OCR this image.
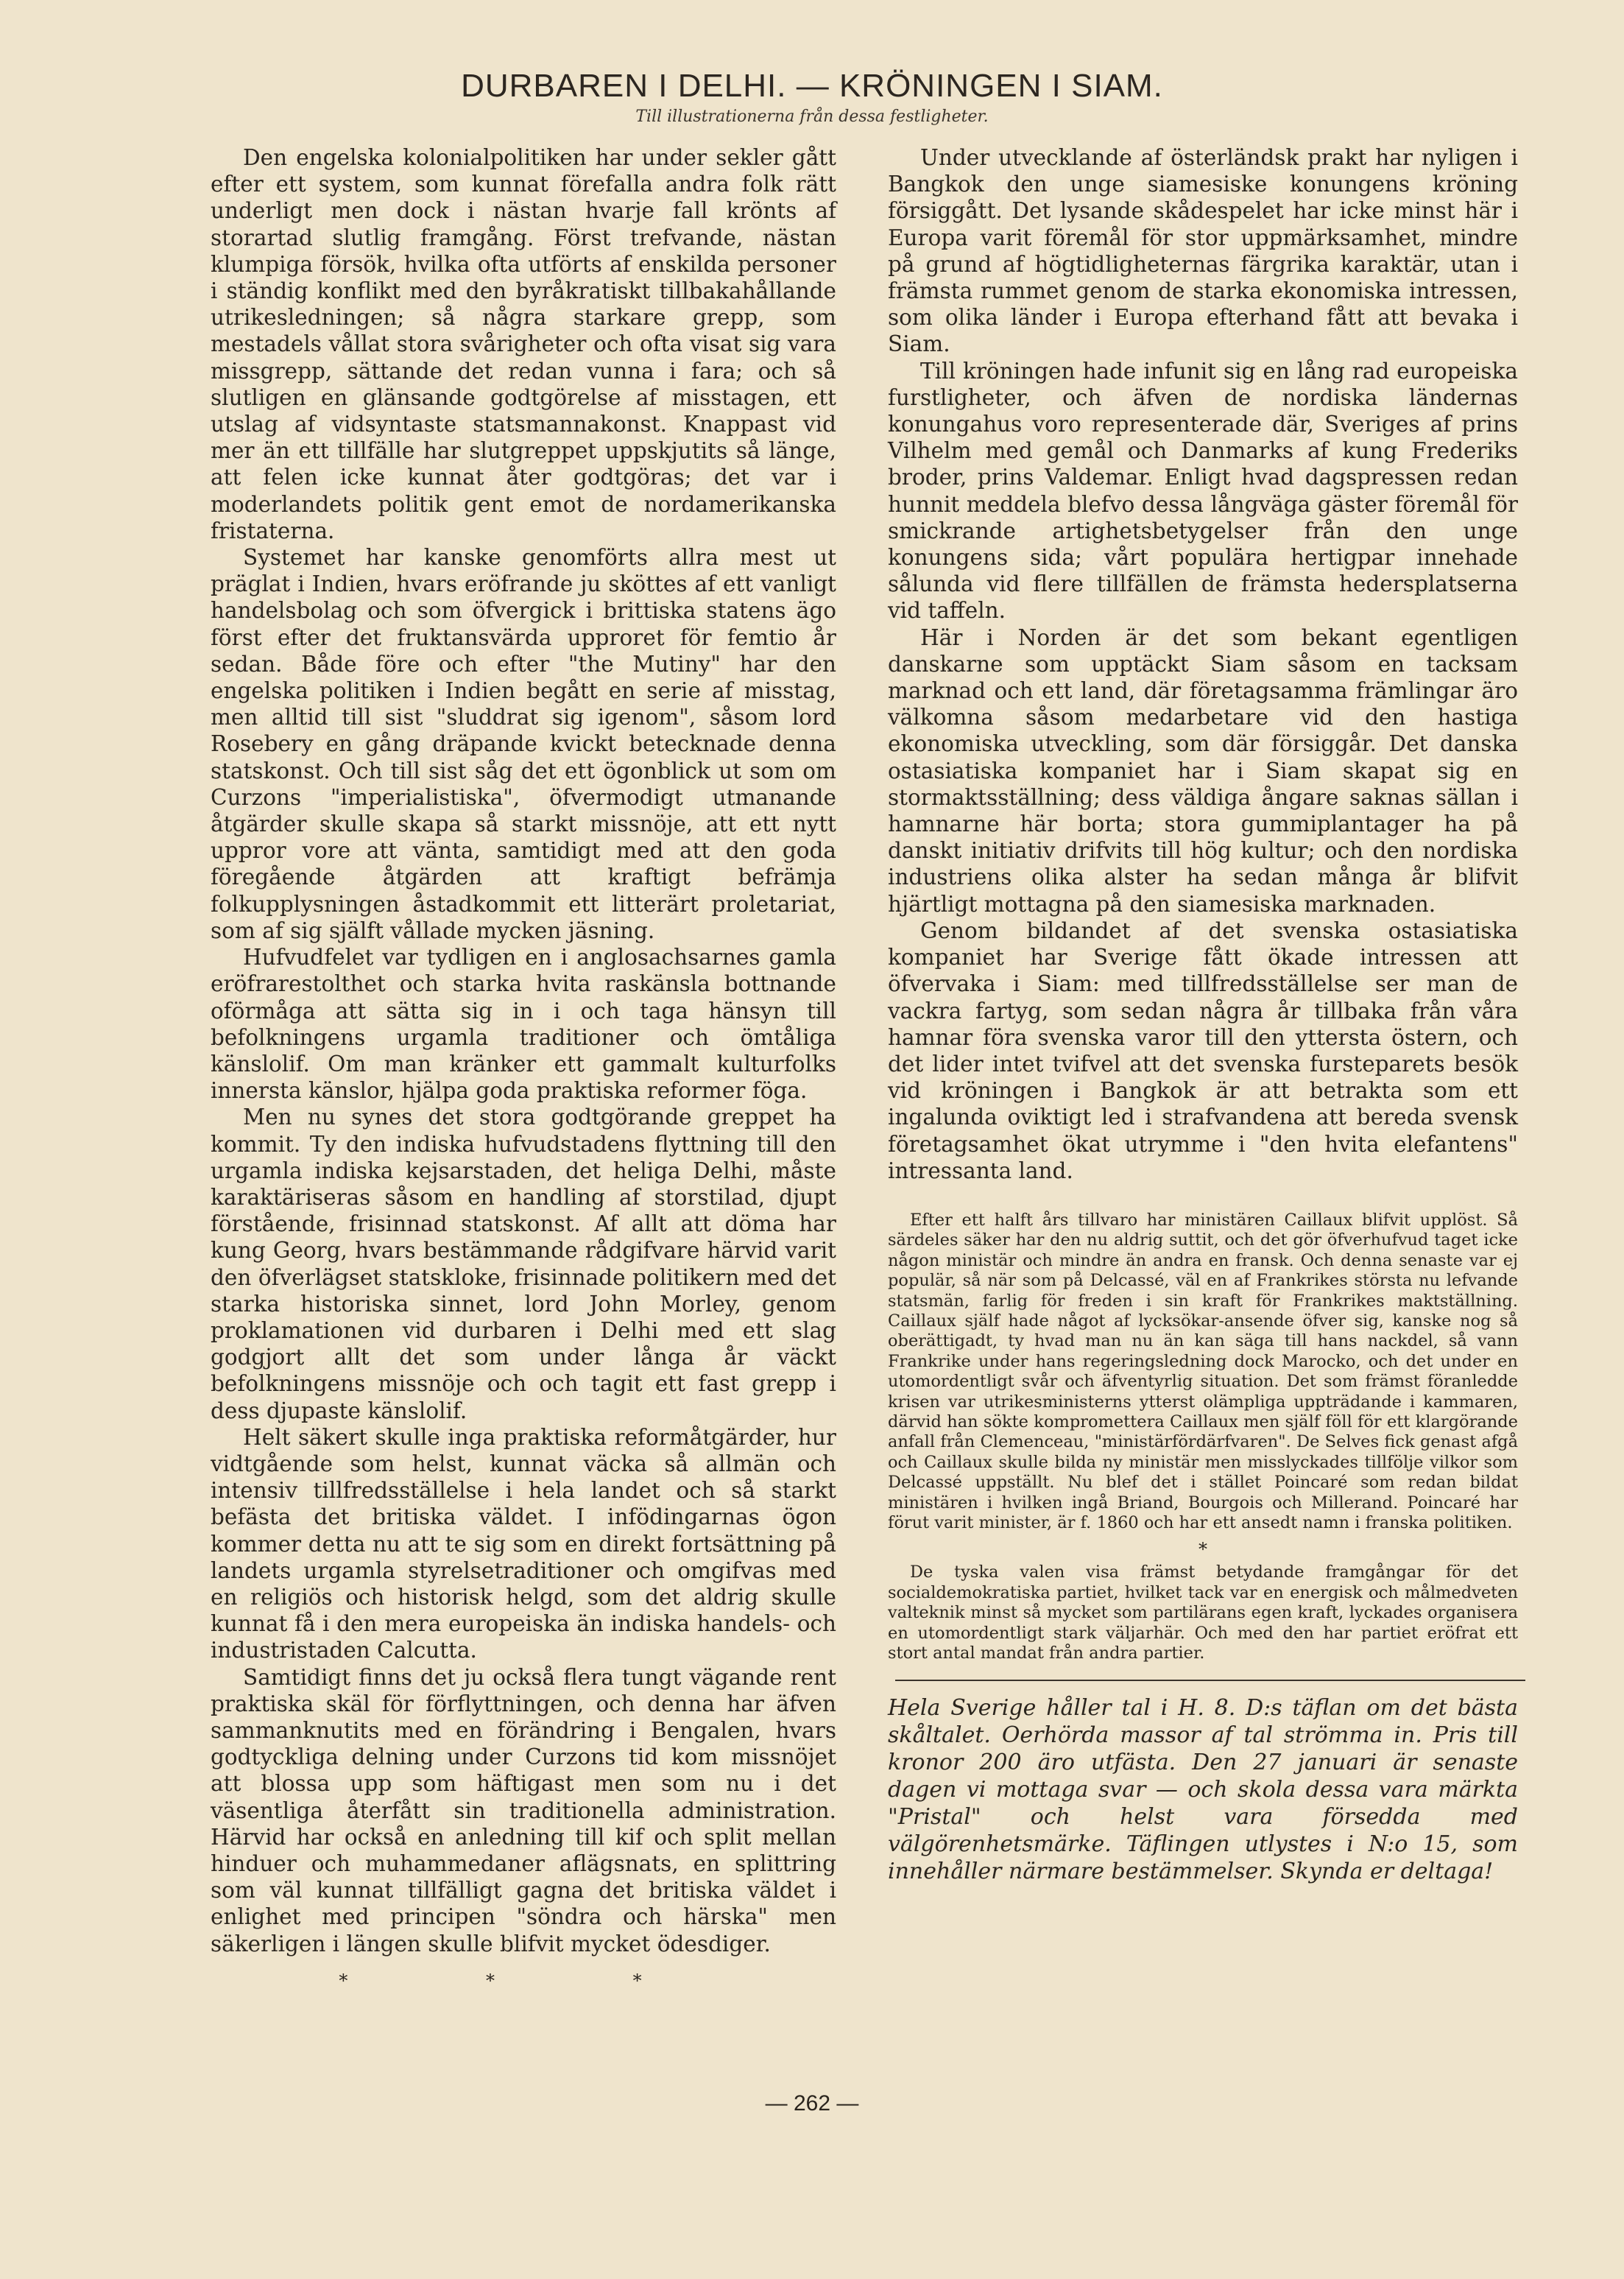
DURBAREN I DELHI. — KRÖNINGEN I SIAM.
Till illustrationerna från dessa festligheter.

Den engelska kolonialpolitiken har under sekler gått efter ett system, som kunnat förefalla andra folk rätt underligt men dock i nästan hvarje fall krönts af storartad slutlig framgång. Först trefvande, nästan klumpiga försök, hvilka ofta utförts af enskilda personer i ständig konflikt med den byråkratiskt tillbakahållande utrikesledningen; så några starkare grepp, som mestadels vållat stora svårigheter och ofta visat sig vara missgrepp, sättande det redan vunna i fara; och så slutligen en glänsande godtgörelse af misstagen, ett utslag af vidsyntaste statsmannakonst. Knappast vid mer än ett tillfälle har slutgreppet uppskjutits så länge, att felen icke kunnat åter godtgöras; det var i moderlandets politik gent emot de nordamerikanska fristaterna.

Systemet har kanske genomförts allra mest ut präglat i Indien, hvars eröfrande ju sköttes af ett vanligt handelsbolag och som öfvergick i brittiska statens ägo först efter det fruktansvärda upproret för femtio år sedan. Både före och efter "the Mutiny" har den engelska politiken i Indien begått en serie af misstag, men alltid till sist "sluddrat sig igenom", såsom lord Rosebery en gång dräpande kvickt betecknade denna statskonst. Och till sist såg det ett ögonblick ut som om Curzons "imperialistiska", öfvermodigt utmanande åtgärder skulle skapa så starkt missnöje, att ett nytt uppror vore att vänta, samtidigt med att den goda föregående åtgärden att kraftigt befrämja folkupplysningen åstadkommit ett litterärt proletariat, som af sig själft vållade mycken jäsning.

Hufvudfelet var tydligen en i anglosachsarnes gamla eröfrarestolthet och starka hvita raskänsla bottnande oförmåga att sätta sig in i och taga hänsyn till befolkningens urgamla traditioner och ömtåliga känslolif. Om man kränker ett gammalt kulturfolks innersta känslor, hjälpa goda praktiska reformer föga.

Men nu synes det stora godtgörande greppet ha kommit. Ty den indiska hufvudstadens flyttning till den urgamla indiska kejsarstaden, det heliga Delhi, måste karaktäriseras såsom en handling af storstilad, djupt förstående, frisinnad statskonst. Af allt att döma har kung Georg, hvars bestämmande rådgifvare härvid varit den öfverlägset statskloke, frisinnade politikern med det starka historiska sinnet, lord John Morley, genom proklamationen vid durbaren i Delhi med ett slag godgjort allt det som under långa år väckt befolkningens missnöje och och tagit ett fast grepp i dess djupaste känslolif.

Helt säkert skulle inga praktiska reformåtgärder, hur vidtgående som helst, kunnat väcka så allmän och intensiv tillfredsställelse i hela landet och så starkt befästa det britiska väldet. I infödingarnas ögon kommer detta nu att te sig som en direkt fortsättning på landets urgamla styrelsetraditioner och omgifvas med en religiös och historisk helgd, som det aldrig skulle kunnat få i den mera europeiska än indiska handels- och industristaden Calcutta.

Samtidigt finns det ju också flera tungt vägande rent praktiska skäl för förflyttningen, och denna har äfven sammanknutits med en förändring i Bengalen, hvars godtyckliga delning under Curzons tid kom missnöjet att blossa upp som häftigast men som nu i det väsentliga återfått sin traditionella administration. Härvid har också en anledning till kif och split mellan hinduer och muhammedaner aflägsnats, en splittring som väl kunnat tillfälligt gagna det britiska väldet i enlighet med principen "söndra och härska" men säkerligen i längen skulle blifvit mycket ödesdiger.

* * *

Under utvecklande af österländsk prakt har nyligen i Bangkok den unge siamesiske konungens kröning försiggått. Det lysande skådespelet har icke minst här i Europa varit föremål för stor uppmärksamhet, mindre på grund af högtidligheternas färgrika karaktär, utan i främsta rummet genom de starka ekonomiska intressen, som olika länder i Europa efterhand fått att bevaka i Siam.

Till kröningen hade infunit sig en lång rad europeiska furstligheter, och äfven de nordiska ländernas konungahus voro representerade där, Sveriges af prins Vilhelm med gemål och Danmarks af kung Frederiks broder, prins Valdemar. Enligt hvad dagspressen redan hunnit meddela blefvo dessa långväga gäster föremål för smickrande artighetsbetygelser från den unge konungens sida; vårt populära hertigpar innehade sålunda vid flere tillfällen de främsta hedersplatserna vid taffeln.

Här i Norden är det som bekant egentligen danskarne som upptäckt Siam såsom en tacksam marknad och ett land, där företagsamma främlingar äro välkomna såsom medarbetare vid den hastiga ekonomiska utveckling, som där försiggår. Det danska ostasiatiska kompaniet har i Siam skapat sig en stormaktsställning; dess väldiga ångare saknas sällan i hamnarne här borta; stora gummiplantager ha på danskt initiativ drifvits till hög kultur; och den nordiska industriens olika alster ha sedan många år blifvit hjärtligt mottagna på den siamesiska marknaden.

Genom bildandet af det svenska ostasiatiska kompaniet har Sverige fått ökade intressen att öfvervaka i Siam: med tillfredsställelse ser man de vackra fartyg, som sedan några år tillbaka från våra hamnar föra svenska varor till den yttersta östern, och det lider intet tvifvel att det svenska fursteparets besök vid kröningen i Bangkok är att betrakta som ett ingalunda oviktigt led i strafvandena att bereda svensk företagsamhet ökat utrymme i "den hvita elefantens" intressanta land.

Efter ett halft års tillvaro har ministären Caillaux blifvit upplöst. Så särdeles säker har den nu aldrig suttit, och det gör öfverhufvud taget icke någon ministär och mindre än andra en fransk. Och denna senaste var ej populär, så när som på Delcassé, väl en af Frankrikes största nu lefvande statsmän, farlig för freden i sin kraft för Frankrikes maktställning. Caillaux själf hade något af lycksökar-ansende öfver sig, kanske nog så oberättigadt, ty hvad man nu än kan säga till hans nackdel, så vann Frankrike under hans regeringsledning dock Marocko, och det under en utomordentligt svår och äfventyrlig situation. Det som främst föranledde krisen var utrikesministerns ytterst olämpliga uppträdande i kammaren, därvid han sökte kompromettera Caillaux men själf föll för ett klargörande anfall från Clemenceau, "ministärfördärfvaren". De Selves fick genast afgå och Caillaux skulle bilda ny ministär men misslyckades tillfölje vilkor som Delcassé uppställt. Nu blef det i stället Poincaré som redan bildat ministären i hvilken ingå Briand, Bourgois och Millerand. Poincaré har förut varit minister, är f. 1860 och har ett ansedt namn i franska politiken.

*

De tyska valen visa främst betydande framgångar för det socialdemokratiska partiet, hvilket tack var en energisk och målmedveten valteknik minst så mycket som partilärans egen kraft, lyckades organisera en utomordentligt stark väljarhär. Och med den har partiet eröfrat ett stort antal mandat från andra partier.

Hela Sverige håller tal i H. 8. D:s täflan om det bästa skåltalet. Oerhörda massor af tal strömma in. Pris till kronor 200 äro utfästa. Den 27 januari är senaste dagen vi mottaga svar — och skola dessa vara märkta "Pristal" och helst vara försedda med välgörenhetsmärke. Täflingen utlystes i N:o 15, som innehåller närmare bestämmelser. Skynda er deltaga!

— 262 —
